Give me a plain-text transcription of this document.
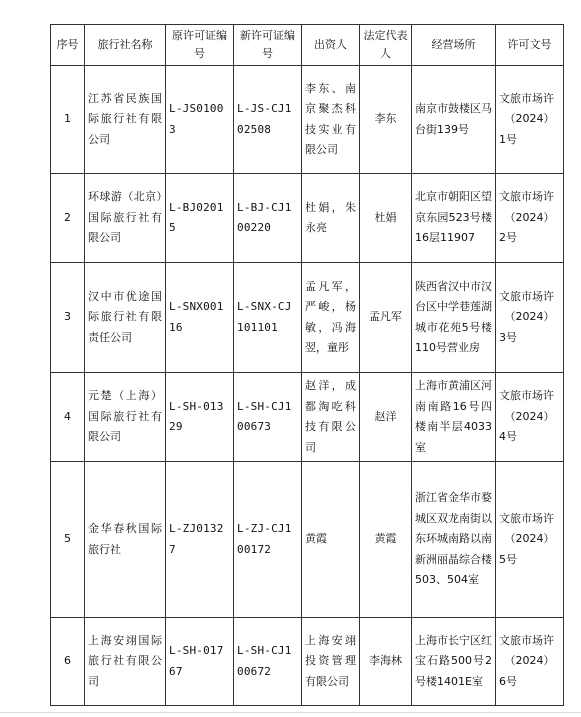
序号	旅行社名称	原许可证编号	新许可证编号	出资人	法定代表人	经营场所	许可文号
1	江苏省民族国际旅行社有限公司	L-JS01003	L-JS-CJ102508	李东、南京聚杰科技实业有限公司	李东	南京市鼓楼区马台街139号	文旅市场许
（2024）
1号

2	环球游（北京）国际旅行社有限公司	L-BJ02015	L-BJ-CJ100220	杜娟，朱永亮	杜娟	北京市朝阳区望京东园523号楼16层11907	文旅市场许
（2024）
2号

3	汉中市优途国际旅行社有限责任公司	L-SNX00116	L-SNX-CJ101101	孟凡军，严峻，杨敏，冯海翌，童彤	孟凡军	陕西省汉中市汉台区中学巷莲湖城市花苑5号楼110号营业房	文旅市场许
（2024）
3号

4	元楚（上海）国际旅行社有限公司	L-SH-01329	L-SH-CJ100673	赵洋，成都淘吃科技有限公司	赵洋	上海市黄浦区河南南路16号四楼南半层4033室	文旅市场许
（2024）
4号

5	金华春秋国际旅行社	L-ZJ01327	L-ZJ-CJ100172	黄霞	黄霞	浙江省金华市婺城区双龙南街以东环城南路以南新洲丽晶综合楼503、504室	文旅市场许
（2024）
5号

6	上海安翊国际旅行社有限公司	L-SH-01767	L-SH-CJ100672	上海安翊投资管理有限公司	李海林	上海市长宁区红宝石路500号2号楼1401E室	文旅市场许
（2024）
6号
